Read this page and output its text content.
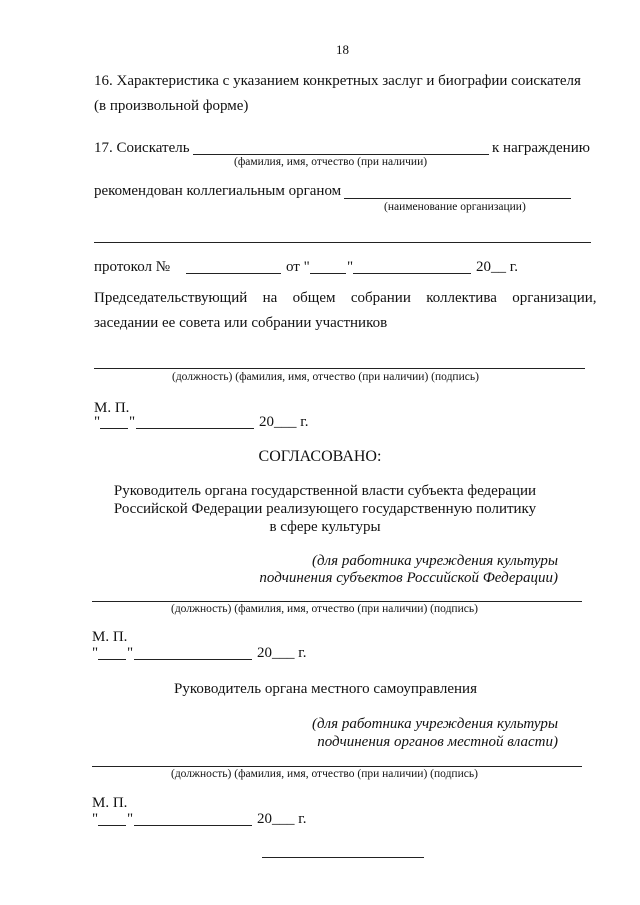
18
16. Характеристика с указанием конкретных заслуг и биографии соискателя
(в произвольной форме)
17. Соискатель	к награждению
(фамилия, имя, отчество (при наличии)
рекомендован коллегиальным органом
(наименование организации)
протокол №	от " "	20__ г.
Председательствующий на общем собрании коллектива организации,
заседании ее совета или собрании участников
(должность) (фамилия, имя, отчество (при наличии) (подпись)
М. П.
" "	20___ г.
СОГЛАСОВАНО:
Руководитель органа государственной власти субъекта федерации
Российской Федерации реализующего государственную политику
в сфере культуры
(для работника учреждения культуры
подчинения субъектов Российской Федерации)
(должность) (фамилия, имя, отчество (при наличии) (подпись)
М. П.
" "	20___ г.
Руководитель органа местного самоуправления
(для работника учреждения культуры
подчинения органов местной власти)
(должность) (фамилия, имя, отчество (при наличии) (подпись)
М. П.
" "	20___ г.
